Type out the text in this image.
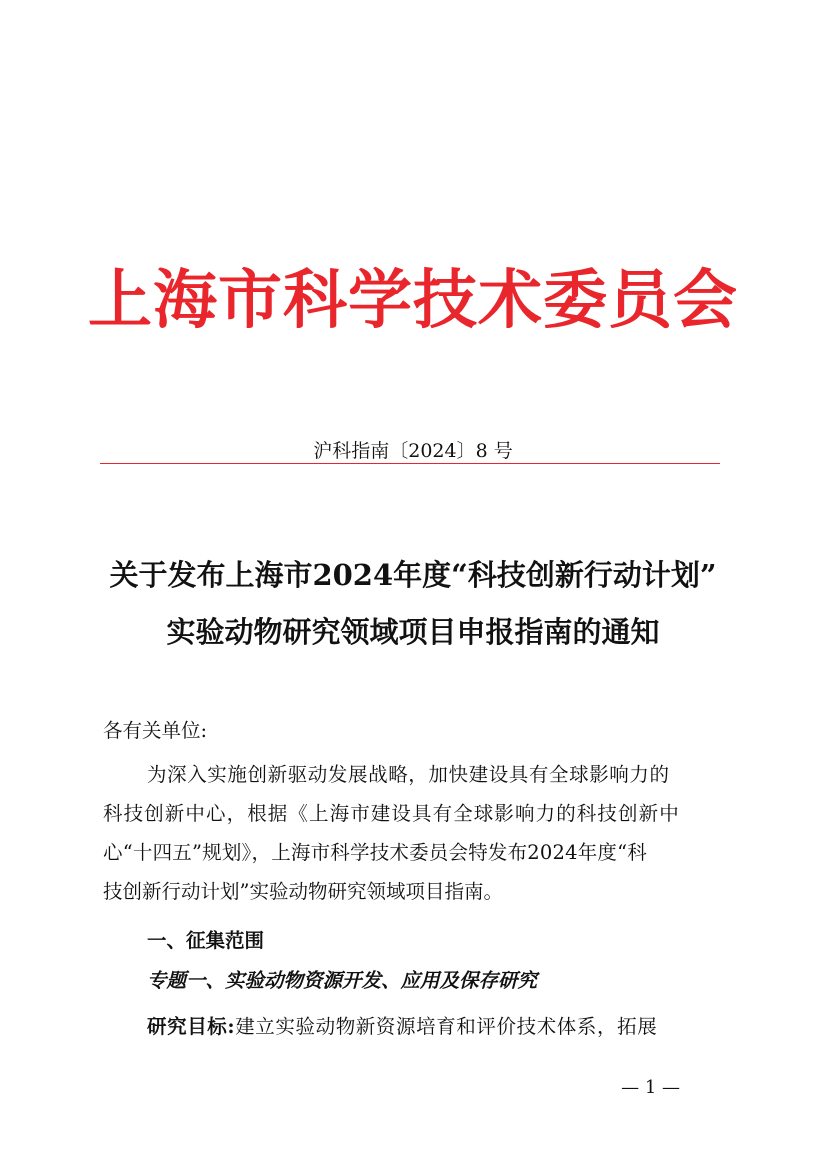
上海市科学技术委员会
沪科指南〔2024〕8 号
关于发布上海市2024年度“科技创新行动计划”
实验动物研究领域项目申报指南的通知
各有关单位:
为深入实施创新驱动发展战略，加快建设具有全球影响力的
科技创新中心，根据《上海市建设具有全球影响力的科技创新中
心“十四五”规划》，上海市科学技术委员会特发布2024年度“科
技创新行动计划”实验动物研究领域项目指南。
一、征集范围
专题一、实验动物资源开发、应用及保存研究
研究目标:建立实验动物新资源培育和评价技术体系，拓展
— 1 —
